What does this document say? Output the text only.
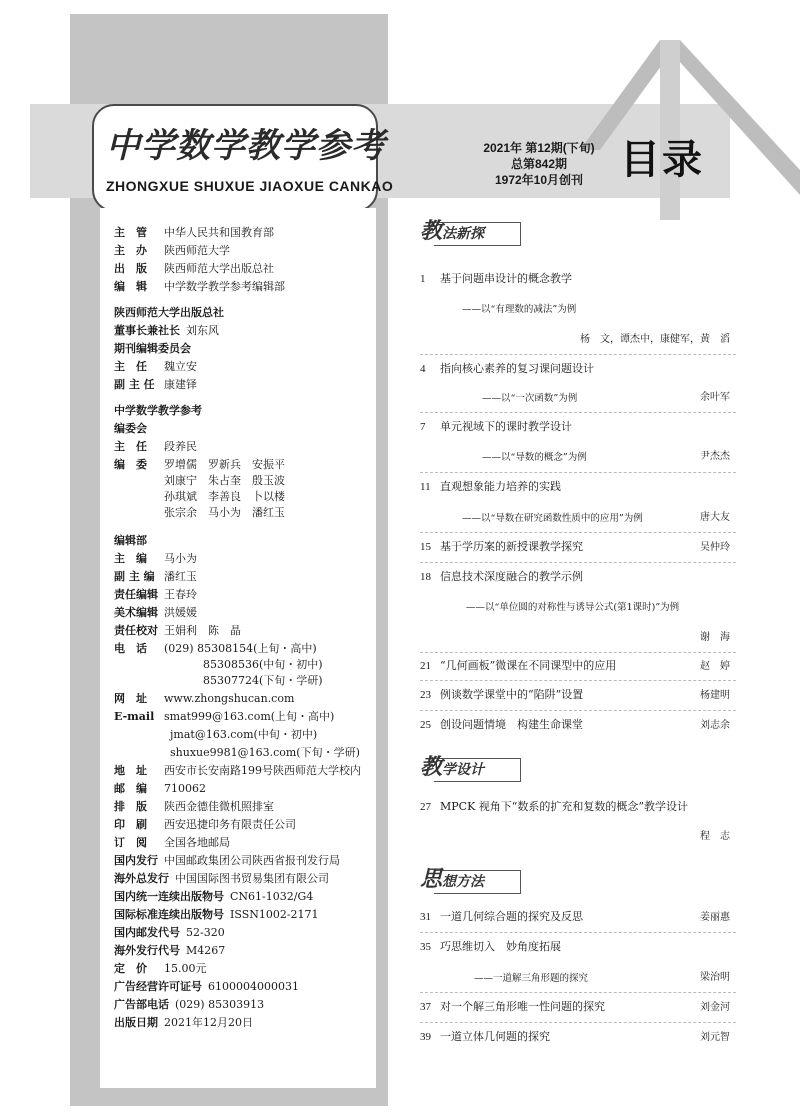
中学数学教学参考
ZHONGXUE SHUXUE JIAOXUE CANKAO
2021年 第12期(下旬)
总第842期
1972年10月创刊 目录
主　管 中华人民共和国教育部
主　办 陕西师范大学
出　版 陕西师范大学出版总社
编　辑 中学数学教学参考编辑部
陕西师范大学出版总社
董事长兼社长 刘东风
期刊编辑委员会
主　任 魏立安
副 主 任 康建铎
中学数学教学参考
编委会
主　任 段养民
编　委 罗增儒　罗新兵　安振平
刘康宁　朱占奎　殷玉波
孙琪斌　李善良　卜以楼
张宗余　马小为　潘红玉
编辑部
主　编 马小为
副 主 编 潘红玉
责任编辑 王春玲
美术编辑 洪媛媛
责任校对 王娟利　陈　晶
电　话 (029) 85308154(上旬・高中)
85308536(中旬・初中)
85307724(下旬・学研)
网　址 www.zhongshucan.com
E-mail smat999@163.com(上旬・高中)
jmat@163.com(中旬・初中)
shuxue9981@163.com(下旬・学研)
地　址 西安市长安南路199号陕西师范大学校内
邮　编 710062
排　版 陕西金德佳微机照排室
印　刷 西安迅捷印务有限责任公司
订　阅 全国各地邮局
国内发行 中国邮政集团公司陕西省报刊发行局
海外总发行 中国国际图书贸易集团有限公司
国内统一连续出版物号 CN61-1032/G4
国际标准连续出版物号 ISSN1002-2171
国内邮发代号 52-320
海外发行代号 M4267
定　价 15.00元
广告经营许可证号 6100004000031
广告部电话 (029) 85303913
出版日期 2021年12月20日
教法新探
1 基于问题串设计的概念教学
——以“有理数的减法”为例
杨　文，谭杰中，康健军，黄　滔
4 指向核心素养的复习课问题设计
——以“一次函数”为例	余叶军
7 单元视域下的课时教学设计
——以“导数的概念”为例	尹杰杰
11 直观想象能力培养的实践
——以“导数在研究函数性质中的应用”为例	唐大友
15 基于学历案的新授课教学探究	吴仲玲
18 信息技术深度融合的教学示例
——以“单位圆的对称性与诱导公式(第1课时)”为例
谢　海
21 “几何画板”微课在不同课型中的应用	赵　婷
23 例谈数学课堂中的“陷阱”设置	杨建明
25 创设问题情境　构建生命课堂	刘志余
教学设计
27 MPCK 视角下“数系的扩充和复数的概念”教学设计
程　志
思想方法
31 一道几何综合题的探究及反思	姜丽惠
35 巧思维切入　妙角度拓展
——一道解三角形题的探究	梁治明
37 对一个解三角形唯一性问题的探究	刘金河
39 一道立体几何题的探究	刘元智
